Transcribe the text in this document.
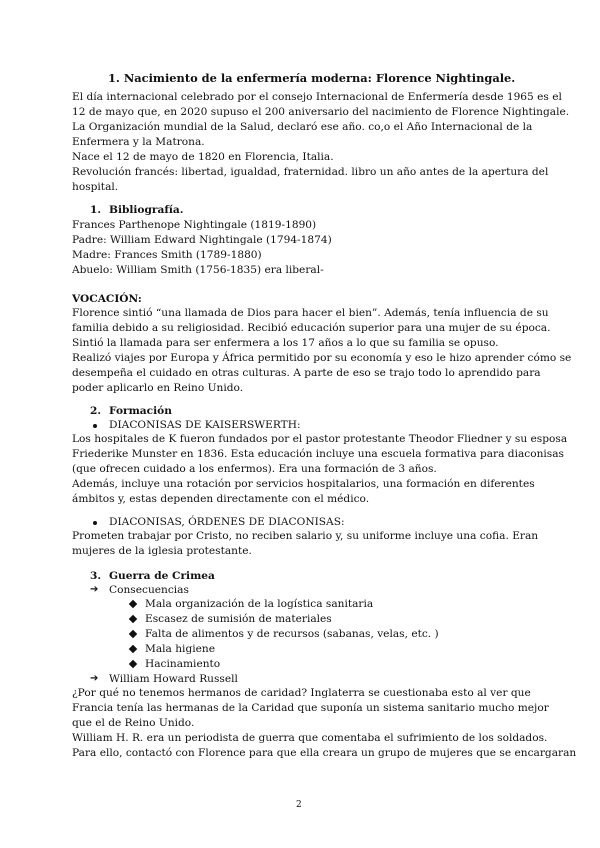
1. Nacimiento de la enfermería moderna: Florence Nightingale.
El día internacional celebrado por el consejo Internacional de Enfermería desde 1965 es el
12 de mayo que, en 2020 supuso el 200 aniversario del nacimiento de Florence Nightingale.
La Organización mundial de la Salud, declaró ese año. co,o el Año Internacional de la
Enfermera y la Matrona.
Nace el 12 de mayo de 1820 en Florencia, Italia.
Revolución francés: libertad, igualdad, fraternidad. libro un año antes de la apertura del
hospital.
1. Bibliografía.
Frances Parthenope Nightingale (1819-1890)
Padre: William Edward Nightingale (1794-1874)
Madre: Frances Smith (1789-1880)
Abuelo: William Smith (1756-1835) era liberal-
VOCACIÓN:
Florence sintió “una llamada de Dios para hacer el bien”. Además, tenía influencia de su
familia debido a su religiosidad. Recibió educación superior para una mujer de su época.
Sintió la llamada para ser enfermera a los 17 años a lo que su familia se opuso.
Realizó viajes por Europa y África permitido por su economía y eso le hizo aprender cómo se
desempeña el cuidado en otras culturas. A parte de eso se trajo todo lo aprendido para
poder aplicarlo en Reino Unido.
2. Formación
DIACONISAS DE KAISERSWERTH:
Los hospitales de K fueron fundados por el pastor protestante Theodor Fliedner y su esposa
Friederike Munster en 1836. Esta educación incluye una escuela formativa para diaconisas
(que ofrecen cuidado a los enfermos). Era una formación de 3 años.
Además, incluye una rotación por servicios hospitalarios, una formación en diferentes
ámbitos y, estas dependen directamente con el médico.
DIACONISAS, ÓRDENES DE DIACONISAS:
Prometen trabajar por Cristo, no reciben salario y, su uniforme incluye una cofia. Eran
mujeres de la iglesia protestante.
3. Guerra de Crimea
➔ Consecuencias
Mala organización de la logística sanitaria
Escasez de sumisión de materiales
Falta de alimentos y de recursos (sabanas, velas, etc. )
Mala higiene
Hacinamiento
➔ William Howard Russell
¿Por qué no tenemos hermanos de caridad? Inglaterra se cuestionaba esto al ver que
Francia tenía las hermanas de la Caridad que suponía un sistema sanitario mucho mejor
que el de Reino Unido.
William H. R. era un periodista de guerra que comentaba el sufrimiento de los soldados.
Para ello, contactó con Florence para que ella creara un grupo de mujeres que se encargaran
2
